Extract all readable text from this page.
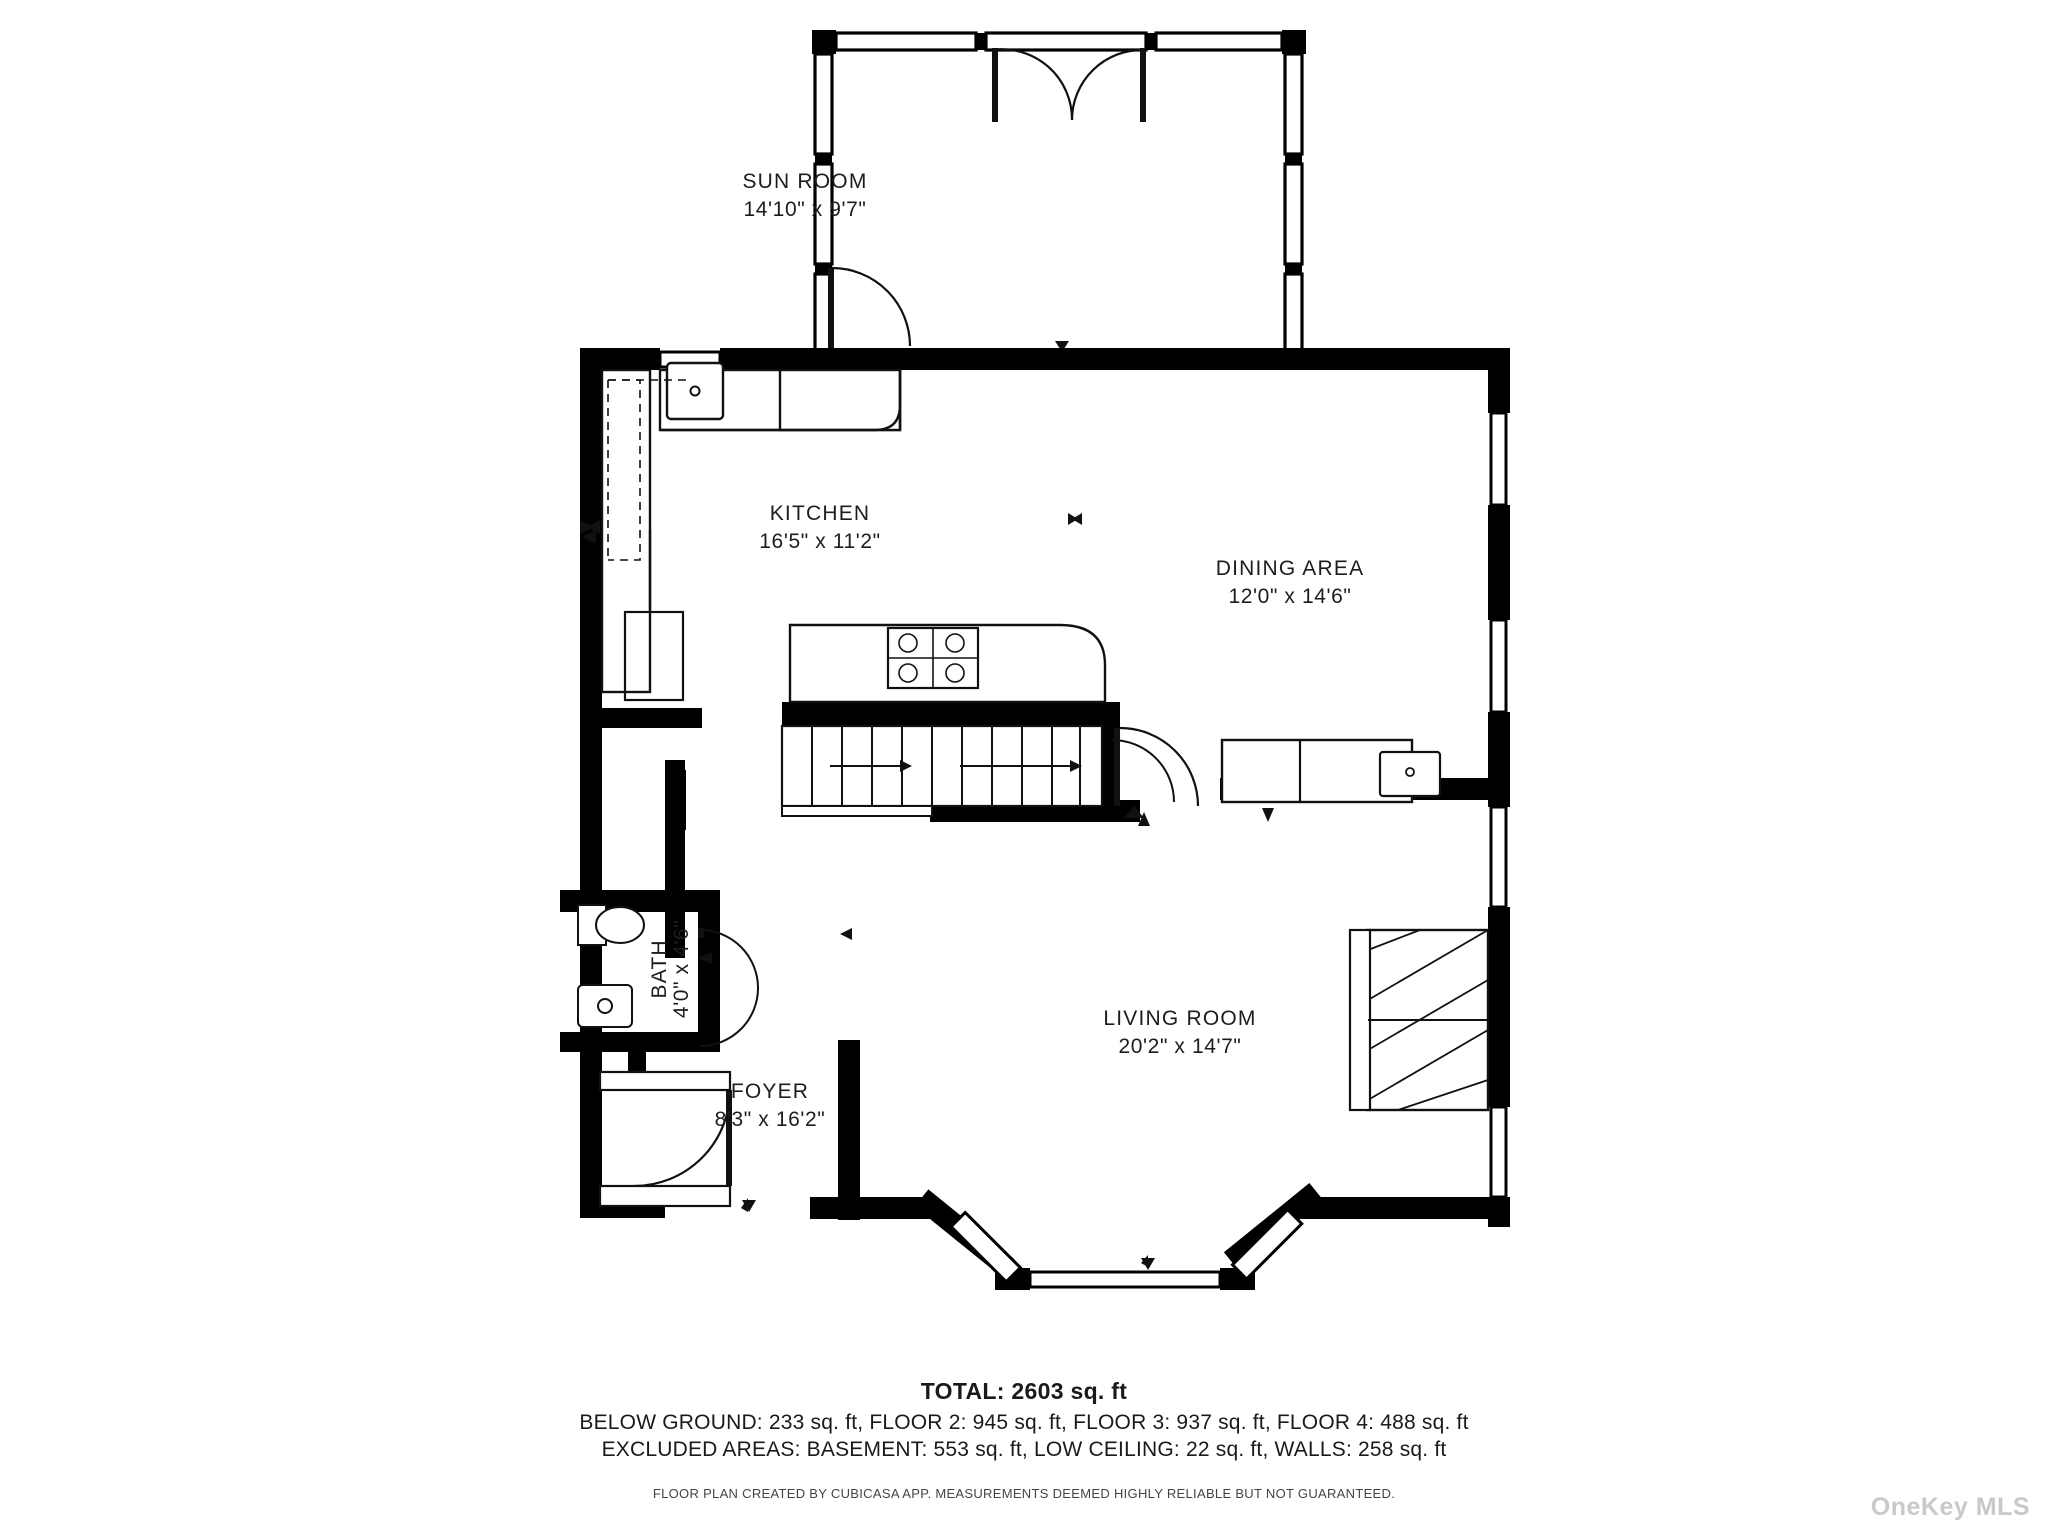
SUN ROOM
14'10" x 9'7"
KITCHEN
16'5" x 11'2"
DINING AREA
12'0" x 14'6"
LIVING ROOM
20'2" x 14'7"
FOYER
8'3" x 16'2"
BATH 4'0" x 4'6"
TOTAL: 2603 sq. ft
BELOW GROUND: 233 sq. ft, FLOOR 2: 945 sq. ft, FLOOR 3: 937 sq. ft, FLOOR 4: 488 sq. ft
EXCLUDED AREAS: BASEMENT: 553 sq. ft, LOW CEILING: 22 sq. ft, WALLS: 258 sq. ft
FLOOR PLAN CREATED BY CUBICASA APP. MEASUREMENTS DEEMED HIGHLY RELIABLE BUT NOT GUARANTEED.	OneKey MLS
